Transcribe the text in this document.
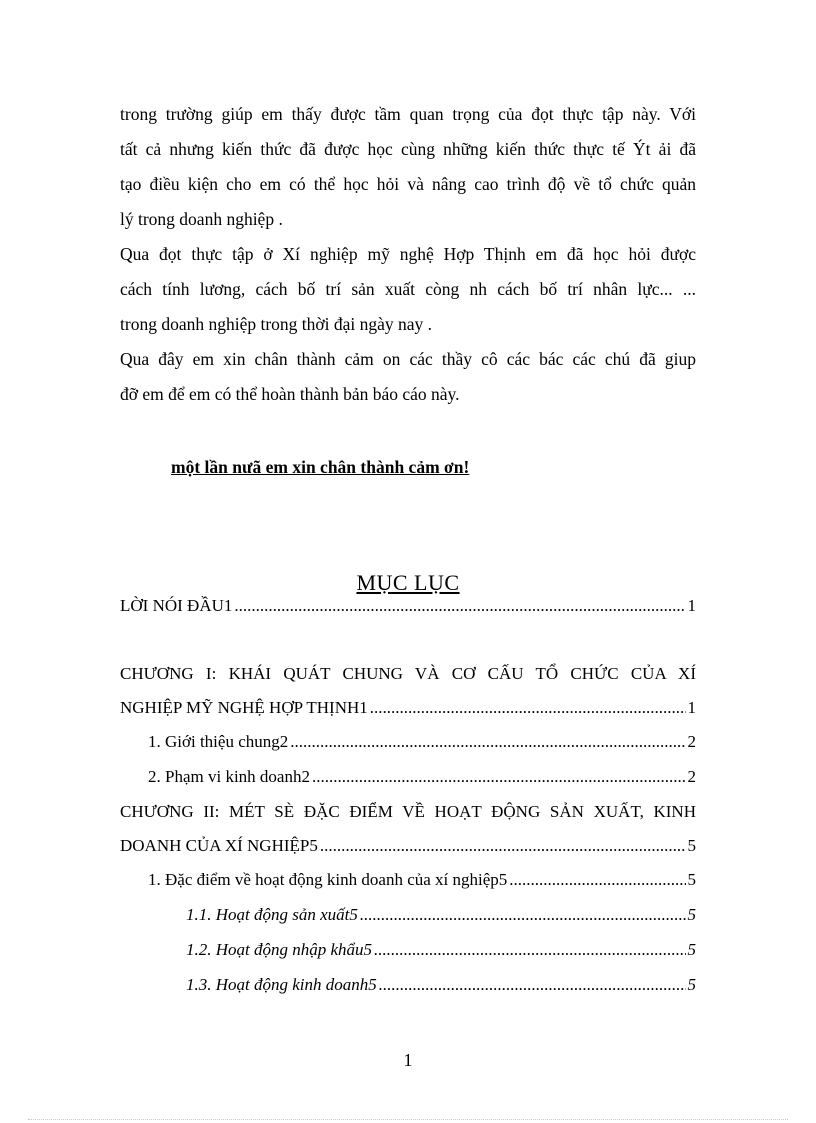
trong trường giúp em thấy được tầm quan trọng của đọt thực tập này. Với
tất cả nhưng kiến thức đã được học cùng những kiến thức thực tế Ýt ải đã
tạo điều kiện cho em có thể học hỏi và nâng cao trình độ về tổ chức quản
lý trong doanh nghiệp .
Qua đọt thực tập ở Xí nghiệp mỹ nghệ Hợp Thịnh em đã học hỏi được
cách tính lương, cách bố trí sản xuất còng nh cách bố trí nhân lực... ...
trong doanh nghiệp trong thời đại ngày nay .
Qua đây em xin chân thành cảm on các thầy cô các bác các chú đã giup
đỡ em để em có thể hoàn thành bản báo cáo này.
một lần nưã em xin chân thành cảm ơn!
MỤC LỤC
LỜI NÓI ĐẦU1 .....	1
CHƯƠNG I: KHÁI QUÁT CHUNG VÀ CƠ CẤU TỔ CHỨC CỦA XÍ
NGHIỆP MỸ NGHỆ HỢP THỊNH1 .....	1
1. Giới thiệu chung2 .....	2
2. Phạm vi kinh doanh2 .....	2
CHƯƠNG II: MÉT SÈ ĐẶC ĐIỂM VỀ HOẠT ĐỘNG SẢN XUẤT, KINH
DOANH CỦA XÍ NGHIỆP5 .....	5
1. Đặc điểm về hoạt động kinh doanh của xí nghiệp5 .....	5
1.1. Hoạt động sản xuất5 .....	5
1.2. Hoạt động nhập khẩu5 .....	5
1.3. Hoạt động kinh doanh5 .....	5
1
